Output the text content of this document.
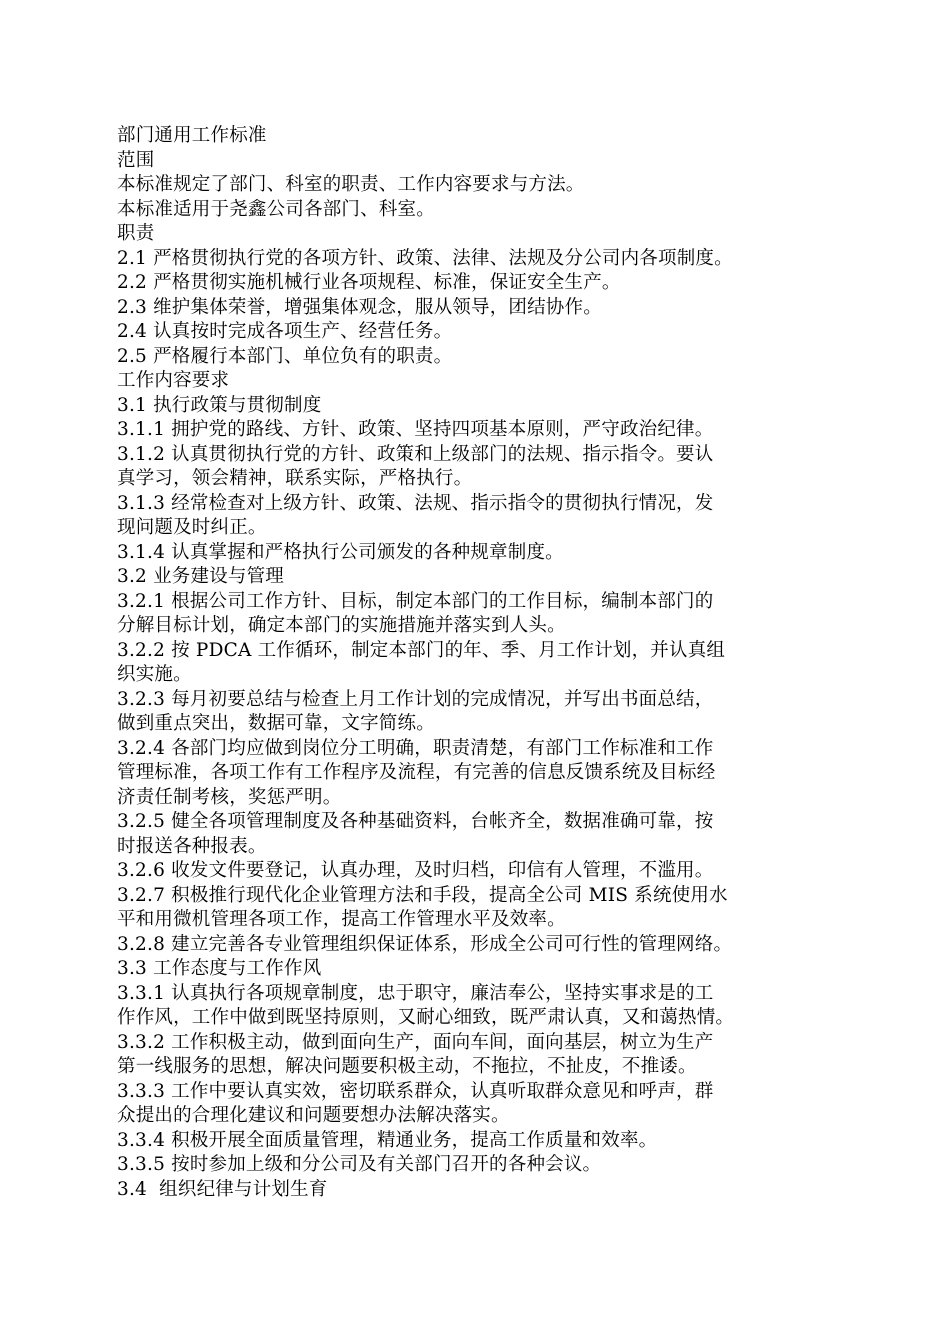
部门通用工作标准
范围
本标准规定了部门、科室的职责、工作内容要求与方法。
本标准适用于尧鑫公司各部门、科室。
职责
2.1 严格贯彻执行党的各项方针、政策、法律、法规及分公司内各项制度。
2.2 严格贯彻实施机械行业各项规程、标准，保证安全生产。
2.3 维护集体荣誉，增强集体观念，服从领导，团结协作。
2.4 认真按时完成各项生产、经营任务。
2.5 严格履行本部门、单位负有的职责。
工作内容要求
3.1 执行政策与贯彻制度
3.1.1 拥护党的路线、方针、政策、坚持四项基本原则，严守政治纪律。
3.1.2 认真贯彻执行党的方针、政策和上级部门的法规、指示指令。要认
真学习，领会精神，联系实际，严格执行。
3.1.3 经常检查对上级方针、政策、法规、指示指令的贯彻执行情况，发
现问题及时纠正。
3.1.4 认真掌握和严格执行公司颁发的各种规章制度。
3.2 业务建设与管理
3.2.1 根据公司工作方针、目标，制定本部门的工作目标，编制本部门的
分解目标计划，确定本部门的实施措施并落实到人头。
3.2.2 按 PDCA 工作循环，制定本部门的年、季、月工作计划，并认真组
织实施。
3.2.3 每月初要总结与检查上月工作计划的完成情况，并写出书面总结，
做到重点突出，数据可靠，文字简练。
3.2.4 各部门均应做到岗位分工明确，职责清楚，有部门工作标准和工作
管理标准，各项工作有工作程序及流程，有完善的信息反馈系统及目标经
济责任制考核，奖惩严明。
3.2.5 健全各项管理制度及各种基础资料，台帐齐全，数据准确可靠，按
时报送各种报表。
3.2.6 收发文件要登记，认真办理，及时归档，印信有人管理，不滥用。
3.2.7 积极推行现代化企业管理方法和手段，提高全公司 MIS 系统使用水
平和用微机管理各项工作，提高工作管理水平及效率。
3.2.8 建立完善各专业管理组织保证体系，形成全公司可行性的管理网络。
3.3 工作态度与工作作风
3.3.1 认真执行各项规章制度，忠于职守，廉洁奉公，坚持实事求是的工
作作风，工作中做到既坚持原则，又耐心细致，既严肃认真，又和蔼热情。
3.3.2 工作积极主动，做到面向生产，面向车间，面向基层，树立为生产
第一线服务的思想，解决问题要积极主动，不拖拉，不扯皮，不推诿。
3.3.3 工作中要认真实效，密切联系群众，认真听取群众意见和呼声，群
众提出的合理化建议和问题要想办法解决落实。
3.3.4 积极开展全面质量管理，精通业务，提高工作质量和效率。
3.3.5 按时参加上级和分公司及有关部门召开的各种会议。
3.4  组织纪律与计划生育
